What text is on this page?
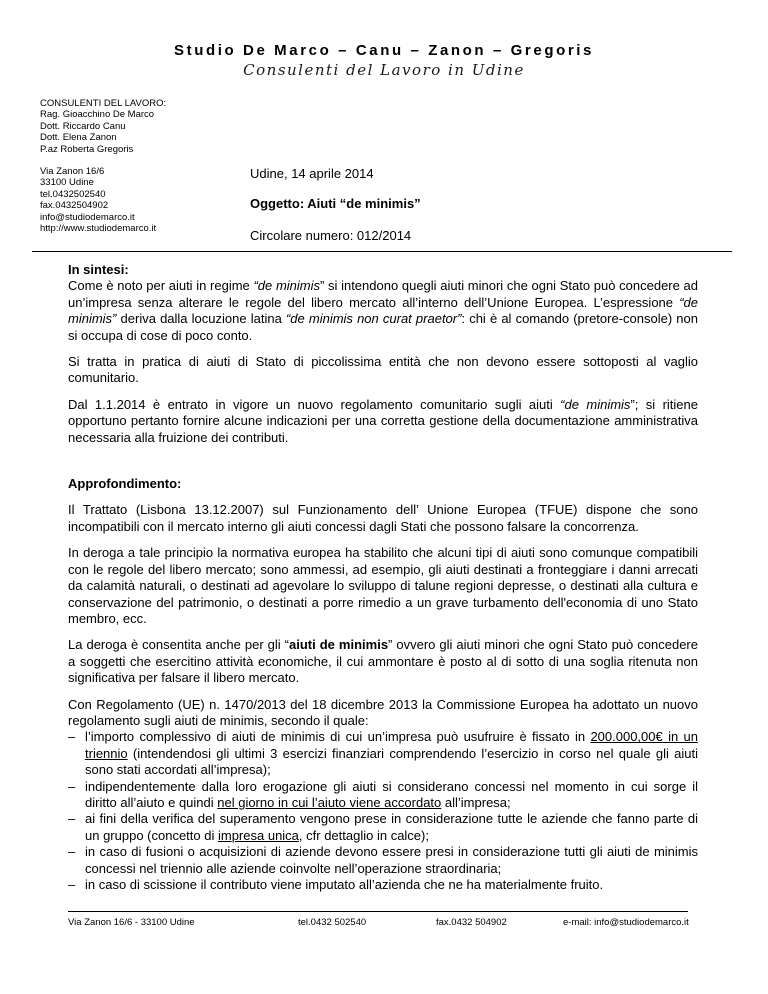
Studio De Marco – Canu – Zanon – Gregoris
Consulenti del Lavoro in Udine
CONSULENTI DEL LAVORO:
Rag. Gioacchino De Marco
Dott. Riccardo Canu
Dott. Elena Zanon
P.az Roberta Gregoris
Via Zanon 16/6
33100 Udine
tel.0432502540
fax.0432504902
info@studiodemarco.it
http://www.studiodemarco.it
Udine, 14 aprile 2014
Oggetto: Aiuti “de minimis”
Circolare numero: 012/2014
In sintesi:

Come è noto per aiuti in regime “de minimis” si intendono quegli aiuti minori che ogni Stato può concedere ad un’impresa senza alterare le regole del libero mercato all’interno dell’Unione Europea. L’espressione “de minimis” deriva dalla locuzione latina “de minimis non curat praetor”: chi è al comando (pretore-console) non si occupa di cose di poco conto.

Si tratta in pratica di aiuti di Stato di piccolissima entità che non devono essere sottoposti al vaglio comunitario.

Dal 1.1.2014 è entrato in vigore un nuovo regolamento comunitario sugli aiuti “de minimis”; si ritiene opportuno pertanto fornire alcune indicazioni per una corretta gestione della documentazione amministrativa necessaria alla fruizione dei contributi.

Approfondimento:

Il Trattato (Lisbona 13.12.2007) sul Funzionamento dell’ Unione Europea (TFUE) dispone che sono incompatibili con il mercato interno gli aiuti concessi dagli Stati che possono falsare la concorrenza.

In deroga a tale principio la normativa europea ha stabilito che alcuni tipi di aiuti sono comunque compatibili con le regole del libero mercato; sono ammessi, ad esempio, gli aiuti destinati a fronteggiare i danni arrecati da calamità naturali, o destinati ad agevolare lo sviluppo di talune regioni depresse, o destinati alla cultura e conservazione del patrimonio, o destinati a porre rimedio a un grave turbamento dell'economia di uno Stato membro, ecc.

La deroga è consentita anche per gli “aiuti de minimis” ovvero gli aiuti minori che ogni Stato può concedere a soggetti che esercitino attività economiche, il cui ammontare è posto al di sotto di una soglia ritenuta non significativa per falsare il libero mercato.

Con Regolamento (UE) n. 1470/2013 del 18 dicembre 2013 la Commissione Europea ha adottato un nuovo regolamento sugli aiuti de minimis, secondo il quale:

– l’importo complessivo di aiuti de minimis di cui un’impresa può usufruire è fissato in 200.000,00€ in un triennio (intendendosi gli ultimi 3 esercizi finanziari comprendendo l’esercizio in corso nel quale gli aiuti sono stati accordati all’impresa);
– indipendentemente dalla loro erogazione gli aiuti si considerano concessi nel momento in cui sorge il diritto all’aiuto e quindi nel giorno in cui l’aiuto viene accordato all’impresa;
– ai fini della verifica del superamento vengono prese in considerazione tutte le aziende che fanno parte di un gruppo (concetto di impresa unica, cfr dettaglio in calce);
– in caso di fusioni o acquisizioni di aziende devono essere presi in considerazione tutti gli aiuti de minimis concessi nel triennio alle aziende coinvolte nell’operazione straordinaria;
– in caso di scissione il contributo viene imputato all’azienda che ne ha materialmente fruito.
Via Zanon 16/6 - 33100 Udine	tel.0432 502540	fax.0432 504902	e-mail: info@studiodemarco.it
